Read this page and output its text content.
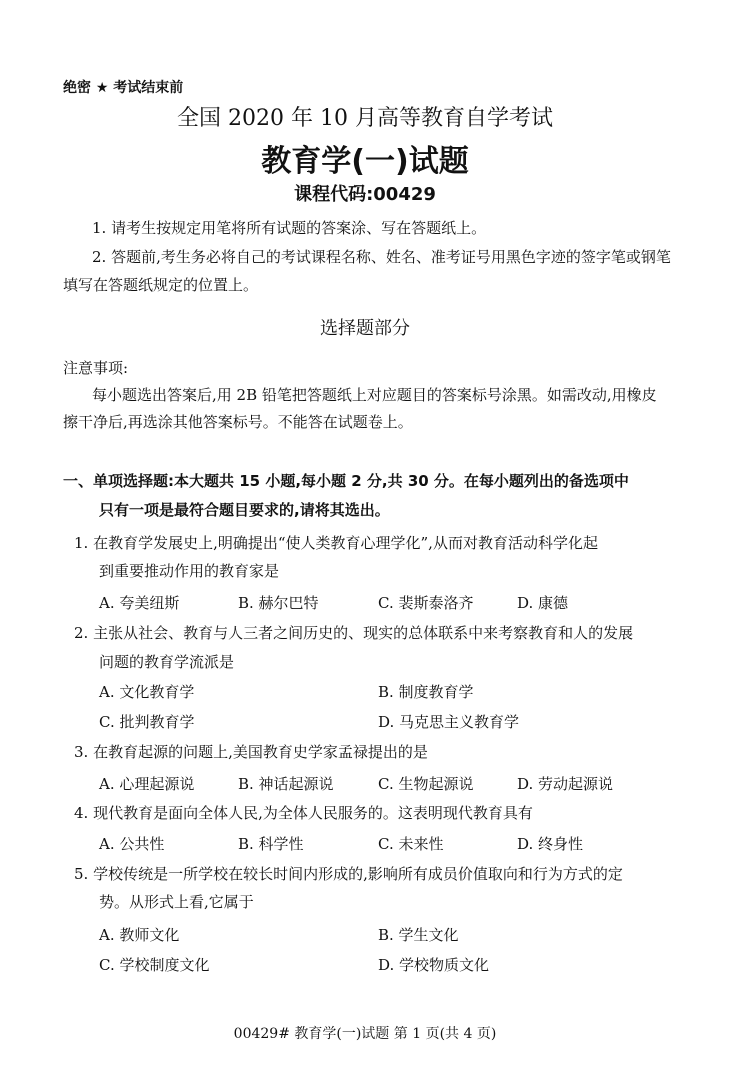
绝密 ★ 考试结束前
全国 2020 年 10 月高等教育自学考试
教育学(一)试题
课程代码:00429
1. 请考生按规定用笔将所有试题的答案涂、写在答题纸上。
2. 答题前,考生务必将自己的考试课程名称、姓名、准考证号用黑色字迹的签字笔或钢笔
填写在答题纸规定的位置上。
选择题部分
注意事项:
每小题选出答案后,用 2B 铅笔把答题纸上对应题目的答案标号涂黑。如需改动,用橡皮
擦干净后,再选涂其他答案标号。不能答在试题卷上。
一、单项选择题:本大题共 15 小题,每小题 2 分,共 30 分。在每小题列出的备选项中
只有一项是最符合题目要求的,请将其选出。
1. 在教育学发展史上,明确提出“使人类教育心理学化”,从而对教育活动科学化起
到重要推动作用的教育家是
A. 夸美纽斯	B. 赫尔巴特	C. 裴斯泰洛齐	D. 康德
2. 主张从社会、教育与人三者之间历史的、现实的总体联系中来考察教育和人的发展
问题的教育学流派是
A. 文化教育学	B. 制度教育学
C. 批判教育学	D. 马克思主义教育学
3. 在教育起源的问题上,美国教育史学家孟禄提出的是
A. 心理起源说	B. 神话起源说	C. 生物起源说	D. 劳动起源说
4. 现代教育是面向全体人民,为全体人民服务的。这表明现代教育具有
A. 公共性	B. 科学性	C. 未来性	D. 终身性
5. 学校传统是一所学校在较长时间内形成的,影响所有成员价值取向和行为方式的定
势。从形式上看,它属于
A. 教师文化	B. 学生文化
C. 学校制度文化	D. 学校物质文化
00429# 教育学(一)试题 第 1 页(共 4 页)
